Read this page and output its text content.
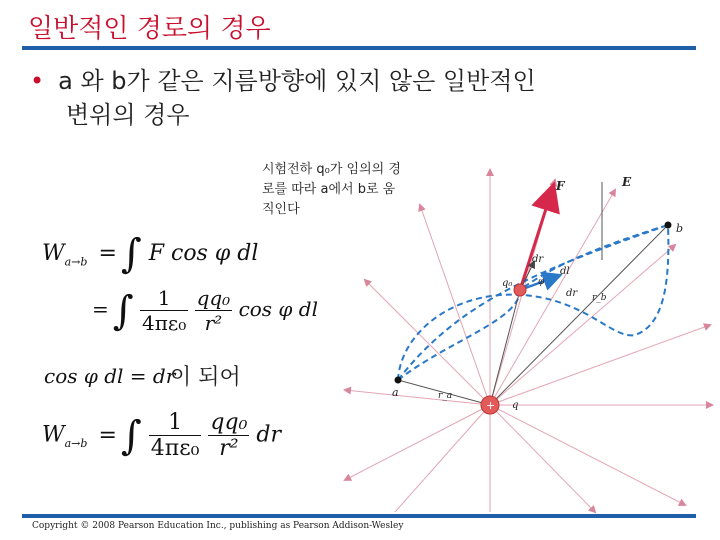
일반적인 경로의 경우
• a 와 b가 같은 지름방향에 있지 않은 일반적인
변위의 경우
시험전하 q₀가 임의의 경
로를 따라 a에서 b로 움
직인다
$W_{a\to b}$ = ∫ F cos φ dl
= ∫ $\frac{1}{\text{4πε₀}}$
$\frac{\text{qq₀}}{\text{r²}}$ cos φ dl
cos φ dl = dr
이 되어
$W_{a\to b}$ = ∫ $\frac{1}{\text{4πε₀}}$
$\frac{\text{qq₀}}{\text{r²}}$ dr
E
a
b
F
dl
dr
dr
φ
q₀
r_a
r_b
+ q
Copyright © 2008 Pearson Education Inc., publishing as Pearson Addison-Wesley
